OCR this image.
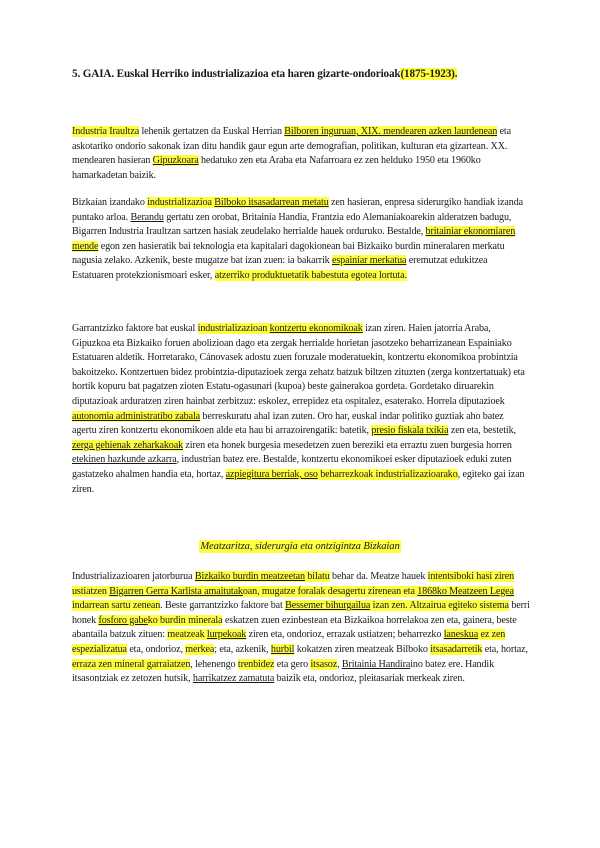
5. GAIA. Euskal Herriko industrializazioa eta haren gizarte-ondorioak(1875-1923).

Industria Iraultza lehenik gertatzen da Euskal Herrian Bilboren inguruan, XIX. mendearen azken laurdenean eta askotariko ondorio sakonak izan ditu handik gaur egun arte demografian, politikan, kulturan eta gizartean. XX. mendearen hasieran Gipuzkoara hedatuko zen eta Araba eta Nafarroara ez zen helduko 1950 eta 1960ko hamarkadetan baizik.

Bizkaian izandako industrializazioa Bilboko itsasadarrean metatu zen hasieran, enpresa siderurgiko handiak izanda puntako arloa. Berandu gertatu zen orobat, Britainia Handia, Frantzia edo Alemaniakoarekin alderatzen badugu, Bigarren Industria Iraultzan sartzen hasiak zeudelako herrialde hauek orduruko. Bestalde, britainiar ekonomiaren mende egon zen hasieratik bai teknologia eta kapitalari dagokionean bai Bizkaiko burdin mineralaren merkatu nagusia zelako. Azkenik, beste mugatze bat izan zuen: ia bakarrik espainiar merkatua eremutzat edukitzea Estatuaren protekzionismoari esker, atzerriko produktuetatik babestuta egotea lortuta.

Garrantzizko faktore bat euskal industrializazioan kontzertu ekonomikoak izan ziren. Haien jatorria Araba, Gipuzkoa eta Bizkaiko foruen abolizioan dago eta zergak herrialde horietan jasotzeko beharrizanean Espainiako Estatuaren aldetik. Horretarako, Cánovasek adostu zuen foruzale moderatuekin, kontzertu ekonomikoa probintzia bakoitzeko. Kontzertuen bidez probintzia-diputazioek zerga zehatz batzuk biltzen zituzten (zerga kontzertatuak) eta hortik kopuru bat pagatzen zioten Estatu-ogasunari (kupoa) beste gainerakoa gordeta. Gordetako diruarekin diputazioak arduratzen ziren hainbat zerbitzuz: eskolez, errepidez eta ospitalez, esaterako. Horrela diputazioek autonomia administratibo zabala berreskuratu ahal izan zuten. Oro har, euskal indar politiko guztiak aho batez agertu ziren kontzertu ekonomikoen alde eta hau bi arrazoirengatik: batetik, presio fiskala txikia zen eta, bestetik, zerga gehienak zeharkakoak ziren eta honek burgesia mesedetzen zuen bereziki eta errazt​u zuen burgesia horren etekinen hazkunde azkarra, industrian batez ere. Bestalde, kontzertu ekonomikoei esker diputazioek eduki zuten gastatzeko ahalmen handia eta, hortaz, azpiegitura berriak, oso beharrezkoak industrializazioarako, egiteko gai izan ziren.

Meatzaritza, siderurgia eta ontzigintza Bizkaian

Industrializazioaren jatorburua Bizkaiko burdin meatzeetan bilatu behar da. Meatze hauek intentsiboki hasi ziren ustiatzen Bigarren Gerra Karlista amaitutakoan, mugatze foralak desagertu zirenean eta 1868ko Meatzeen Legea indarrean sartu zenean. Beste garrantzizko faktore bat Bessemer bihurgailua izan zen. Altzairua egiteko sistema berri honek fosforo gabeko burdin minerala eskatzen zuen ezinbestean eta Bizkaikoa horrelakoa zen eta, gainera, beste abantaila batzuk zituen: meatzeak lurpekoak ziren eta, ondorioz, errazak ustiatzen; beharrezko laneskua ez zen espezializatua eta, ondorioz, merkea; eta, azkenik, hurbil kokatzen ziren meatzeak Bilboko itsasadarretik eta, hortaz, erraza zen mineral garraiatzen, lehenengo trenbidez eta gero itsasoz, Britainia Handiraino batez ere. Handik itsasontziak ez zetozen hutsik, harrikatzez zamatuta baizik eta, ondorioz, pleitasariak merkeak ziren.
